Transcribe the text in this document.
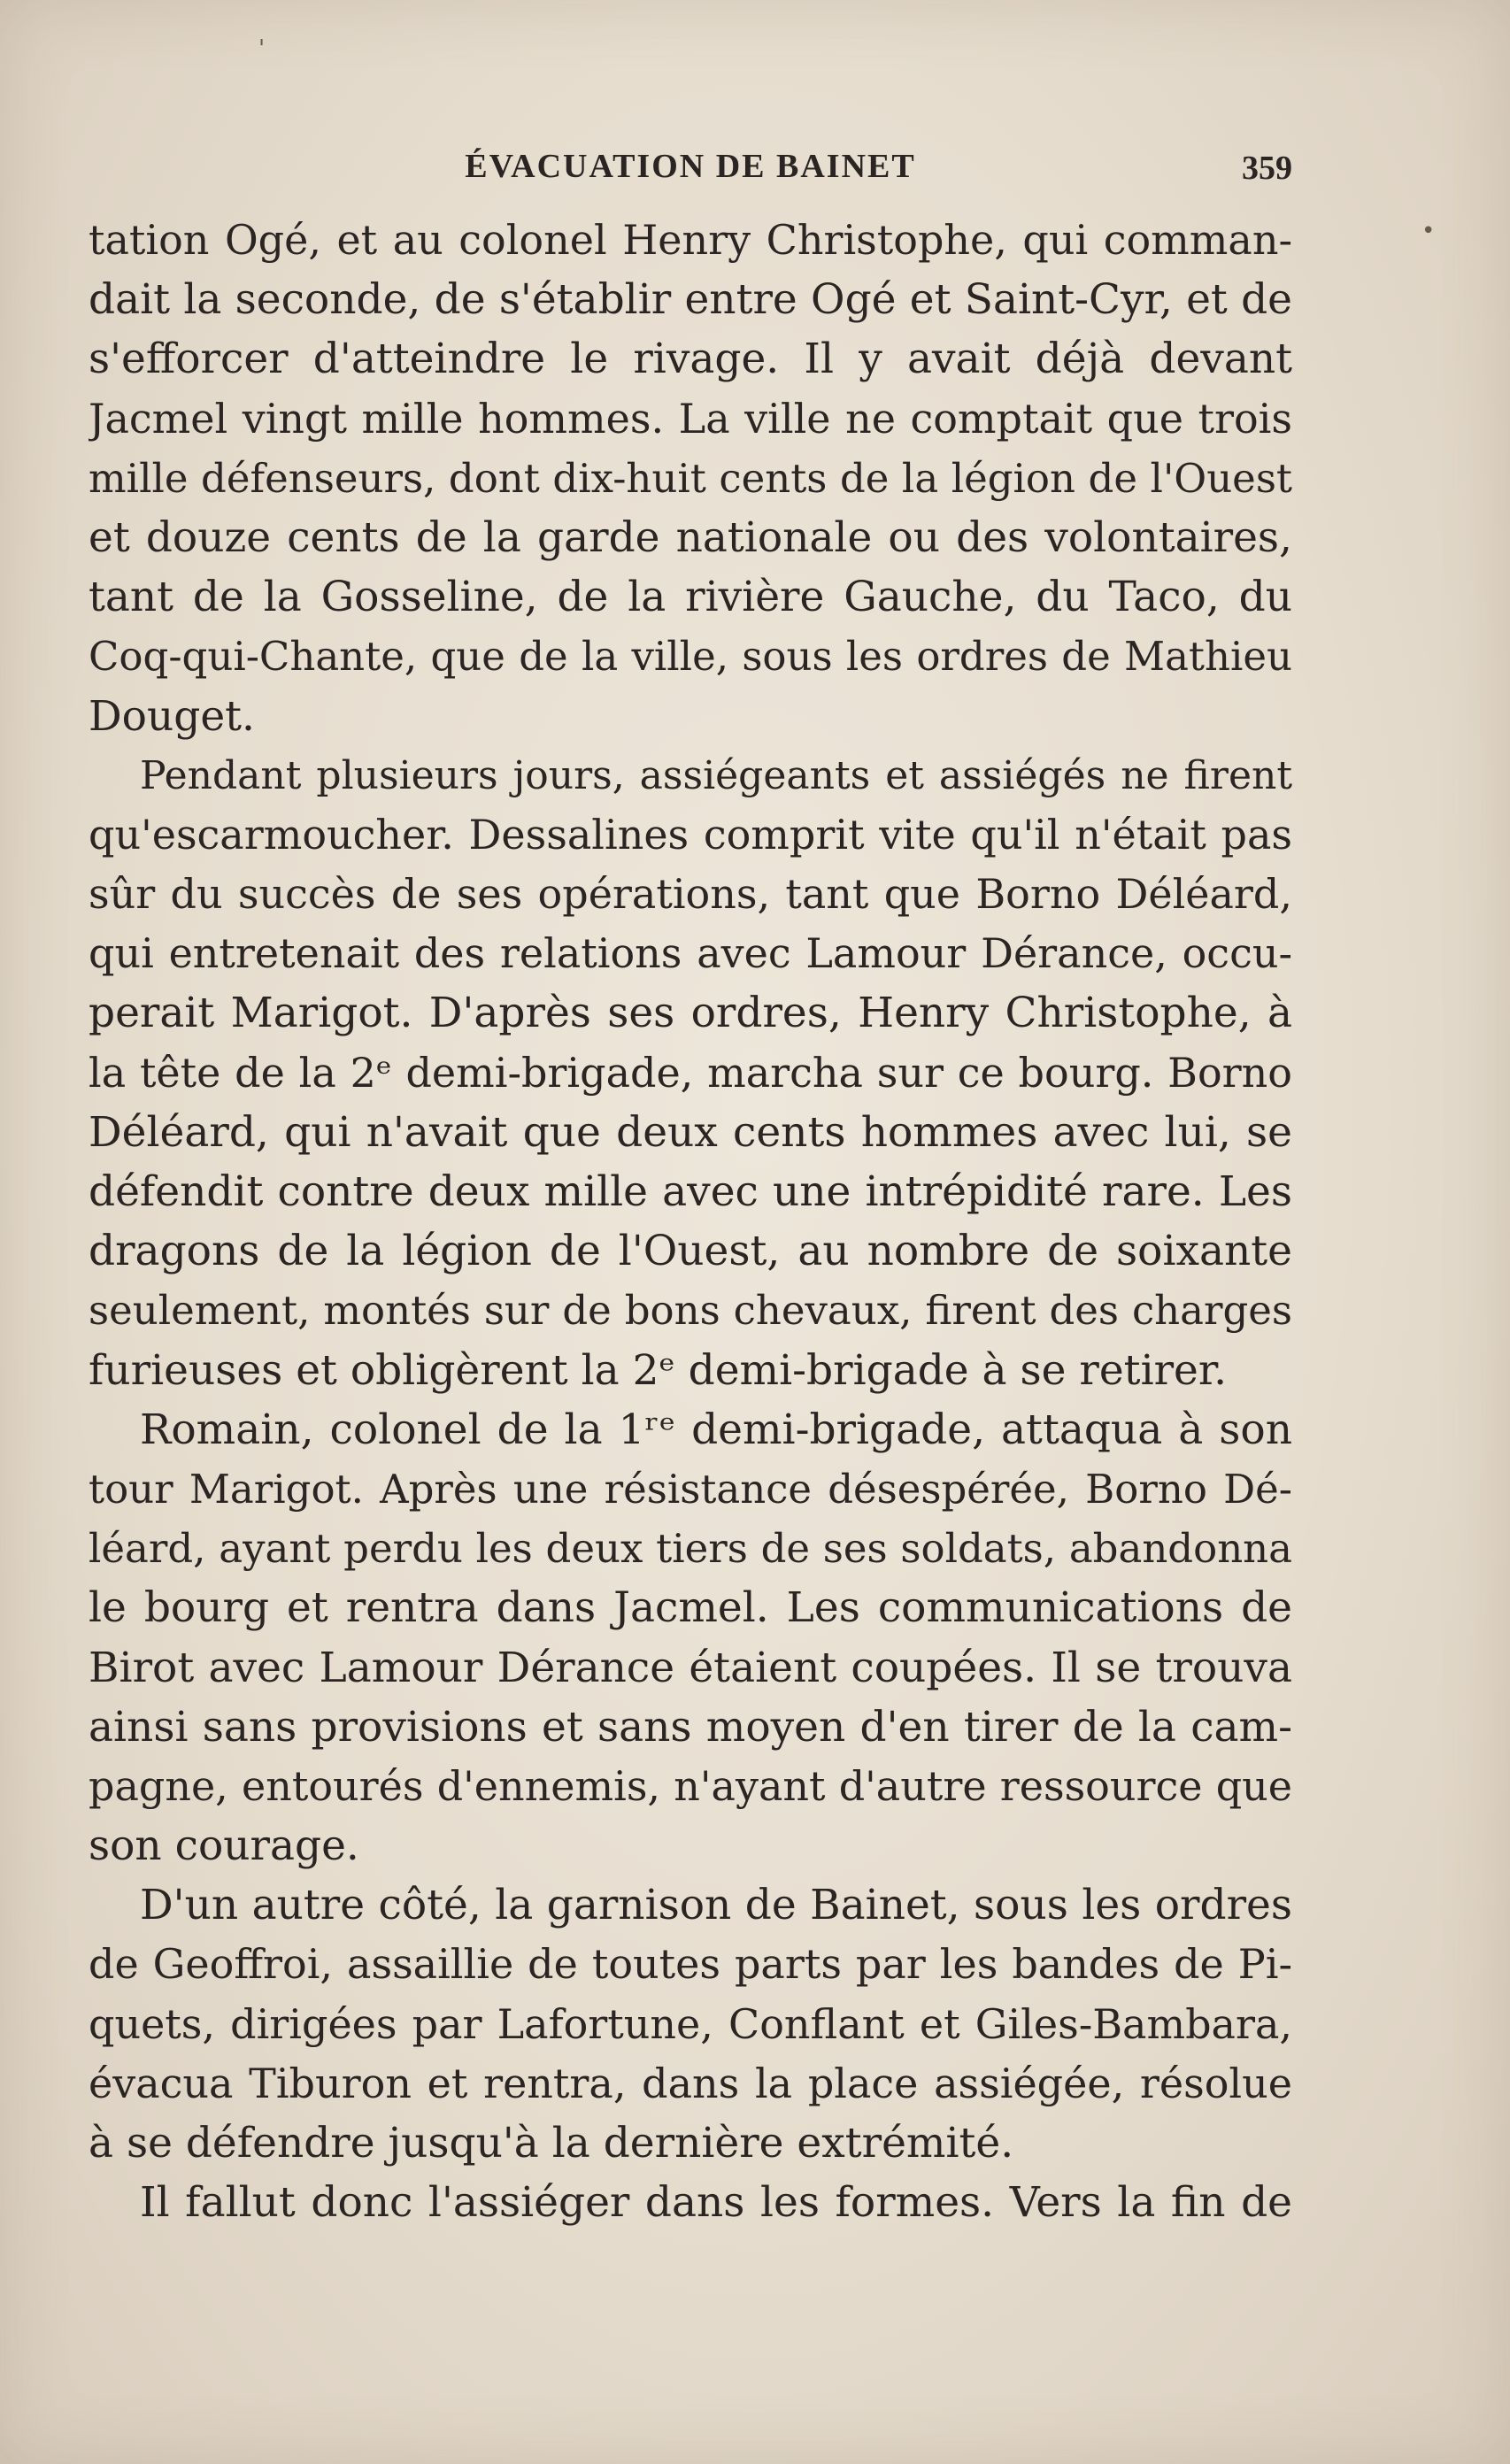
'
•
ÉVACUATION DE BAINET	359
tation Ogé, et au colonel Henry Christophe, qui comman-
dait la seconde, de s'établir entre Ogé et Saint-Cyr, et de
s'efforcer d'atteindre le rivage. Il y avait déjà devant
Jacmel vingt mille hommes. La ville ne comptait que trois
mille défenseurs, dont dix-huit cents de la légion de l'Ouest
et douze cents de la garde nationale ou des volontaires,
tant de la Gosseline, de la rivière Gauche, du Taco, du
Coq-qui-Chante, que de la ville, sous les ordres de Mathieu
Douget.
Pendant plusieurs jours, assiégeants et assiégés ne firent
qu'escarmoucher. Dessalines comprit vite qu'il n'était pas
sûr du succès de ses opérations, tant que Borno Déléard,
qui entretenait des relations avec Lamour Dérance, occu-
perait Marigot. D'après ses ordres, Henry Christophe, à
la tête de la 2ᵉ demi-brigade, marcha sur ce bourg. Borno
Déléard, qui n'avait que deux cents hommes avec lui, se
défendit contre deux mille avec une intrépidité rare. Les
dragons de la légion de l'Ouest, au nombre de soixante
seulement, montés sur de bons chevaux, firent des charges
furieuses et obligèrent la 2ᵉ demi-brigade à se retirer.
Romain, colonel de la 1ʳᵉ demi-brigade, attaqua à son
tour Marigot. Après une résistance désespérée, Borno Dé-
léard, ayant perdu les deux tiers de ses soldats, abandonna
le bourg et rentra dans Jacmel. Les communications de
Birot avec Lamour Dérance étaient coupées. Il se trouva
ainsi sans provisions et sans moyen d'en tirer de la cam-
pagne, entourés d'ennemis, n'ayant d'autre ressource que
son courage.
D'un autre côté, la garnison de Bainet, sous les ordres
de Geoffroi, assaillie de toutes parts par les bandes de Pi-
quets, dirigées par Lafortune, Conflant et Giles-Bambara,
évacua Tiburon et rentra, dans la place assiégée, résolue
à se défendre jusqu'à la dernière extrémité.
Il fallut donc l'assiéger dans les formes. Vers la fin de
